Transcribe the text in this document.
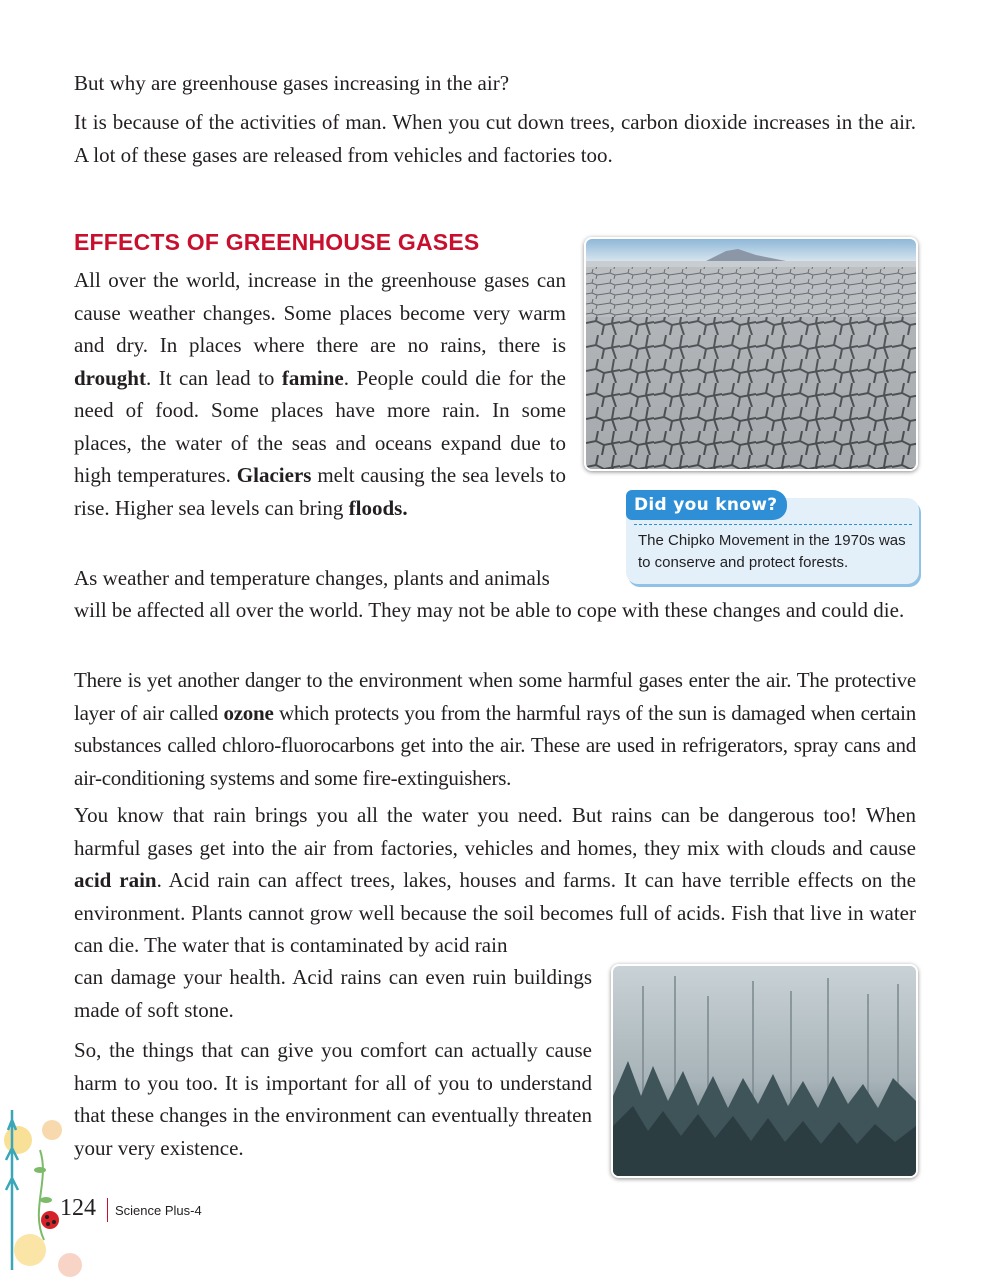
But why are greenhouse gases increasing in the air?

It is because of the activities of man. When you cut down trees, carbon dioxide increases in the air. A lot of these gases are released from vehicles and factories too.

EFFECTS OF GREENHOUSE GASES

All over the world, increase in the greenhouse gases can cause weather changes. Some places become very warm and dry. In places where there are no rains, there is drought. It can lead to famine. People could die for the need of food. Some places have more rain. In some places, the water of the seas and oceans expand due to high temperatures. Glaciers melt causing the sea levels to rise. Higher sea levels can bring floods.

As weather and temperature changes, plants and animals

will be affected all over the world. They may not be able to cope with these changes and could die.

There is yet another danger to the environment when some harmful gases enter the air. The protective layer of air called ozone which protects you from the harmful rays of the sun is damaged when certain substances called chloro-fluorocarbons get into the air. These are used in refrigerators, spray cans and air-conditioning systems and some fire-extinguishers.

You know that rain brings you all the water you need. But rains can be dangerous too! When harmful gases get into the air from factories, vehicles and homes, they mix with clouds and cause acid rain. Acid rain can affect trees, lakes, houses and farms. It can have terrible effects on the environment. Plants cannot grow well because the soil becomes full of acids. Fish that live in water can die. The water that is contaminated by acid rain

can damage your health. Acid rains can even ruin buildings made of soft stone.

So, the things that can give you comfort can actually cause harm to you too. It is important for all of you to understand that these changes in the environment can eventually threaten your very existence.

Did you know?

The Chipko Movement in the 1970s was to conserve and protect forests.

124 Science Plus-4
